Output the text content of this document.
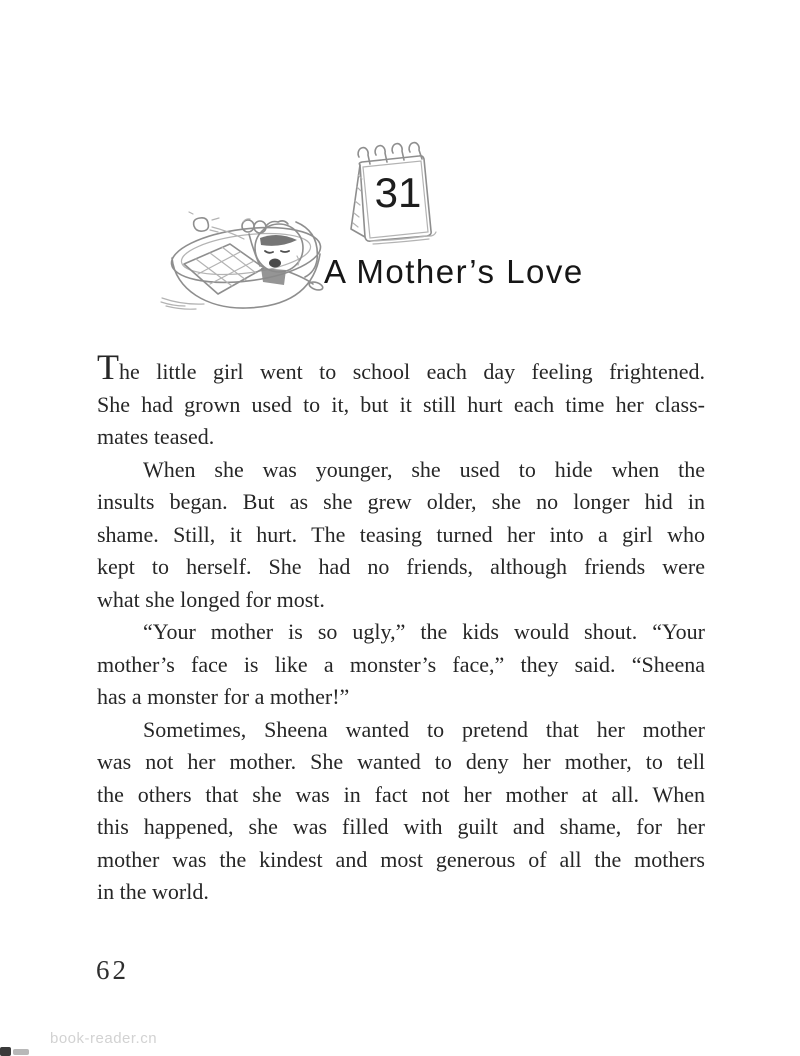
31
A Mother’s Love

The little girl went to school each day feeling frightened.
She had grown used to it, but it still hurt each time her class-
mates teased.

When she was younger, she used to hide when the
insults began. But as she grew older, she no longer hid in
shame. Still, it hurt. The teasing turned her into a girl who
kept to herself. She had no friends, although friends were
what she longed for most.

“Your mother is so ugly,” the kids would shout. “Your
mother’s face is like a monster’s face,” they said. “Sheena
has a monster for a mother!”

Sometimes, Sheena wanted to pretend that her mother
was not her mother. She wanted to deny her mother, to tell
the others that she was in fact not her mother at all. When
this happened, she was filled with guilt and shame, for her
mother was the kindest and most generous of all the mothers
in the world.

62
book-reader.cn
